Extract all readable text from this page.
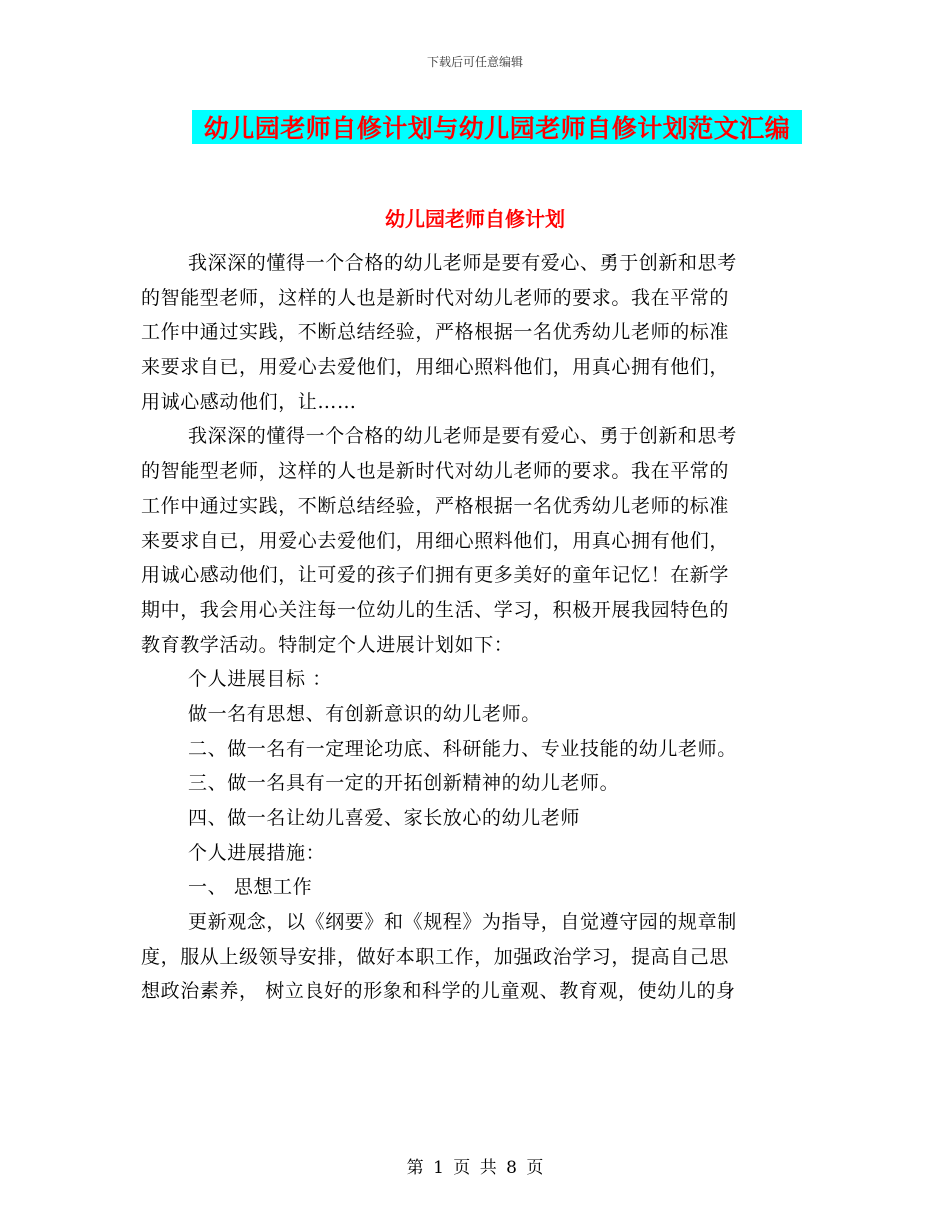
下载后可任意编辑
幼儿园老师自修计划与幼儿园老师自修计划范文汇编
幼儿园老师自修计划
我深深的懂得一个合格的幼儿老师是要有爱心、勇于创新和思考
的智能型老师，这样的人也是新时代对幼儿老师的要求。我在平常的
工作中通过实践，不断总结经验，严格根据一名优秀幼儿老师的标准
来要求自已，用爱心去爱他们，用细心照料他们，用真心拥有他们，
用诚心感动他们，让……
我深深的懂得一个合格的幼儿老师是要有爱心、勇于创新和思考
的智能型老师，这样的人也是新时代对幼儿老师的要求。我在平常的
工作中通过实践，不断总结经验，严格根据一名优秀幼儿老师的标准
来要求自已，用爱心去爱他们，用细心照料他们，用真心拥有他们，
用诚心感动他们，让可爱的孩子们拥有更多美好的童年记忆！在新学
期中，我会用心关注每一位幼儿的生活、学习，积极开展我园特色的
教育教学活动。特制定个人进展计划如下：
个人进展目标 ：
做一名有思想、有创新意识的幼儿老师。
二、做一名有一定理论功底、科研能力、专业技能的幼儿老师。
三、做一名具有一定的开拓创新精神的幼儿老师。
四、做一名让幼儿喜爱、家长放心的幼儿老师
个人进展措施：
一、 思想工作
更新观念，以《纲要》和《规程》为指导，自觉遵守园的规章制
度，服从上级领导安排，做好本职工作，加强政治学习，提高自己思
想政治素养， 树立良好的形象和科学的儿童观、教育观，使幼儿的身
第 1 页 共 8 页
